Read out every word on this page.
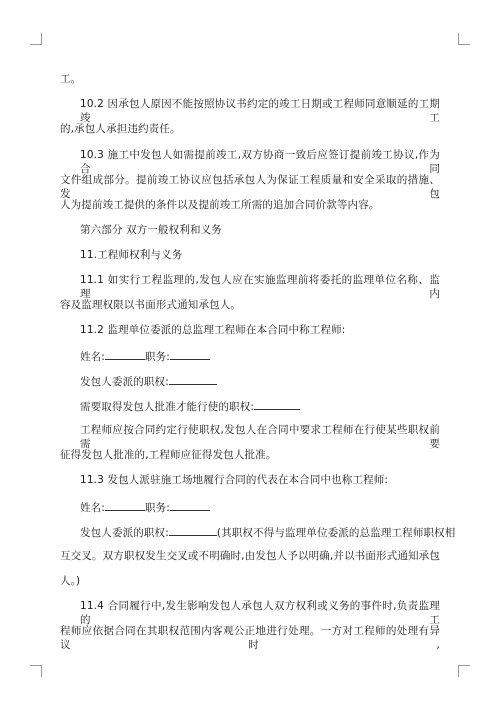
工。
10.2 因承包人原因不能按照协议书约定的竣工日期或工程师同意顺延的工期竣工
的,承包人承担违约责任。
10.3 施工中发包人如需提前竣工,双方协商一致后应签订提前竣工协议,作为合同
文件组成部分。提前竣工协议应包括承包人为保证工程质量和安全采取的措施、发包
人为提前竣工提供的条件以及提前竣工所需的追加合同价款等内容。
第六部分 双方一般权利和义务
11.工程师权利与义务
11.1 如实行工程监理的,发包人应在实施监理前将委托的监理单位名称、监理内
容及监理权限以书面形式通知承包人。
11.2 监理单位委派的总监理工程师在本合同中称工程师:
姓名:	职务:
发包人委派的职权:
需要取得发包人批准才能行使的职权:
工程师应按合同约定行使职权,发包人在合同中要求工程师在行使某些职权前需要
征得发包人批准的,工程师应征得发包人批准。
11.3 发包人派驻施工场地履行合同的代表在本合同中也称工程师:
姓名:	职务:
发包人委派的职权:	(其职权不得与监理单位委派的总监理工程师职权相
互交叉。双方职权发生交叉或不明确时,由发包人予以明确,并以书面形式通知承包
人。)
11.4 合同履行中,发生影响发包人承包人双方权利或义务的事件时,负责监理的工
程师应依据合同在其职权范围内客观公正地进行处理。一方对工程师的处理有异议时,
